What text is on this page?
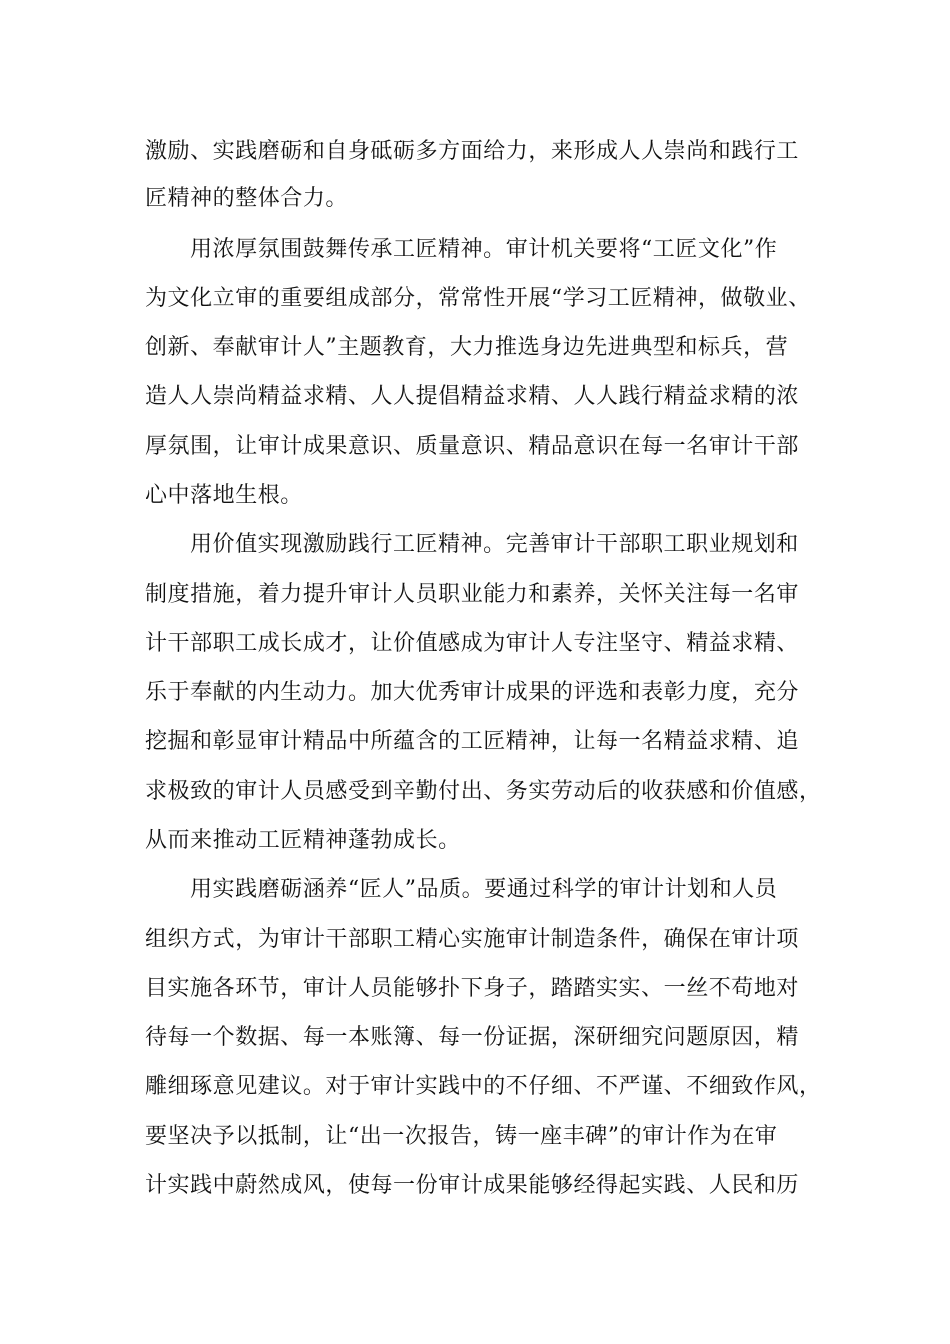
激励、实践磨砺和自身砥砺多方面给力，来形成人人崇尚和践行工
匠精神的整体合力。
用浓厚氛围鼓舞传承工匠精神。审计机关要将“工匠文化”作
为文化立审的重要组成部分，常常性开展“学习工匠精神，做敬业、
创新、奉献审计人”主题教育，大力推选身边先进典型和标兵，营
造人人崇尚精益求精、人人提倡精益求精、人人践行精益求精的浓
厚氛围，让审计成果意识、质量意识、精品意识在每一名审计干部
心中落地生根。
用价值实现激励践行工匠精神。完善审计干部职工职业规划和
制度措施，着力提升审计人员职业能力和素养，关怀关注每一名审
计干部职工成长成才，让价值感成为审计人专注坚守、精益求精、
乐于奉献的内生动力。加大优秀审计成果的评选和表彰力度，充分
挖掘和彰显审计精品中所蕴含的工匠精神，让每一名精益求精、追
求极致的审计人员感受到辛勤付出、务实劳动后的收获感和价值感，
从而来推动工匠精神蓬勃成长。
用实践磨砺涵养“匠人”品质。要通过科学的审计计划和人员
组织方式，为审计干部职工精心实施审计制造条件，确保在审计项
目实施各环节，审计人员能够扑下身子，踏踏实实、一丝不苟地对
待每一个数据、每一本账簿、每一份证据，深研细究问题原因，精
雕细琢意见建议。对于审计实践中的不仔细、不严谨、不细致作风，
要坚决予以抵制，让“出一次报告，铸一座丰碑”的审计作为在审
计实践中蔚然成风，使每一份审计成果能够经得起实践、人民和历
